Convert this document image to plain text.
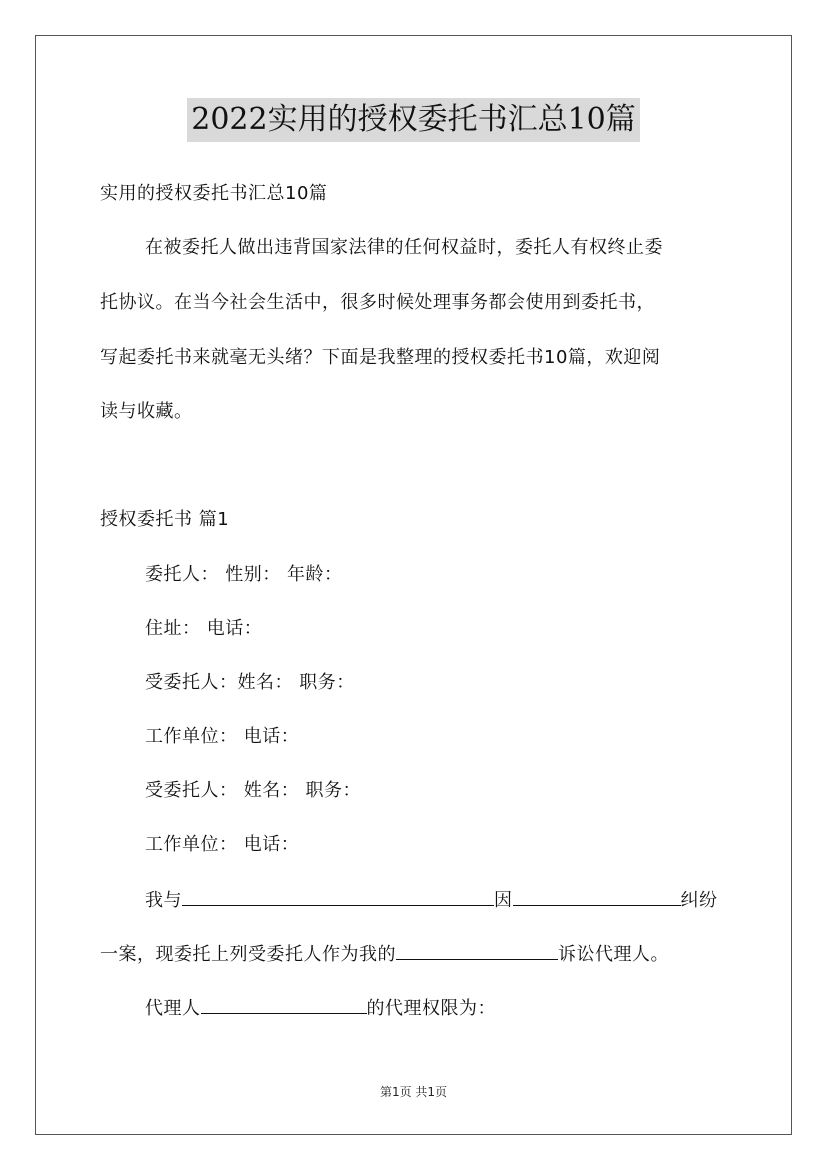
2022实用的授权委托书汇总10篇
实用的授权委托书汇总10篇
在被委托人做出违背国家法律的任何权益时，委托人有权终止委
托协议。在当今社会生活中，很多时候处理事务都会使用到委托书，
写起委托书来就毫无头绪？下面是我整理的授权委托书10篇，欢迎阅
读与收藏。
授权委托书 篇1
委托人： 性别： 年龄：
住址： 电话：
受委托人：姓名： 职务：
工作单位： 电话：
受委托人： 姓名： 职务：
工作单位： 电话：
我与	因	纠纷
一案，现委托上列受委托人作为我的	诉讼代理人。
代理人	的代理权限为：
第1页 共1页
